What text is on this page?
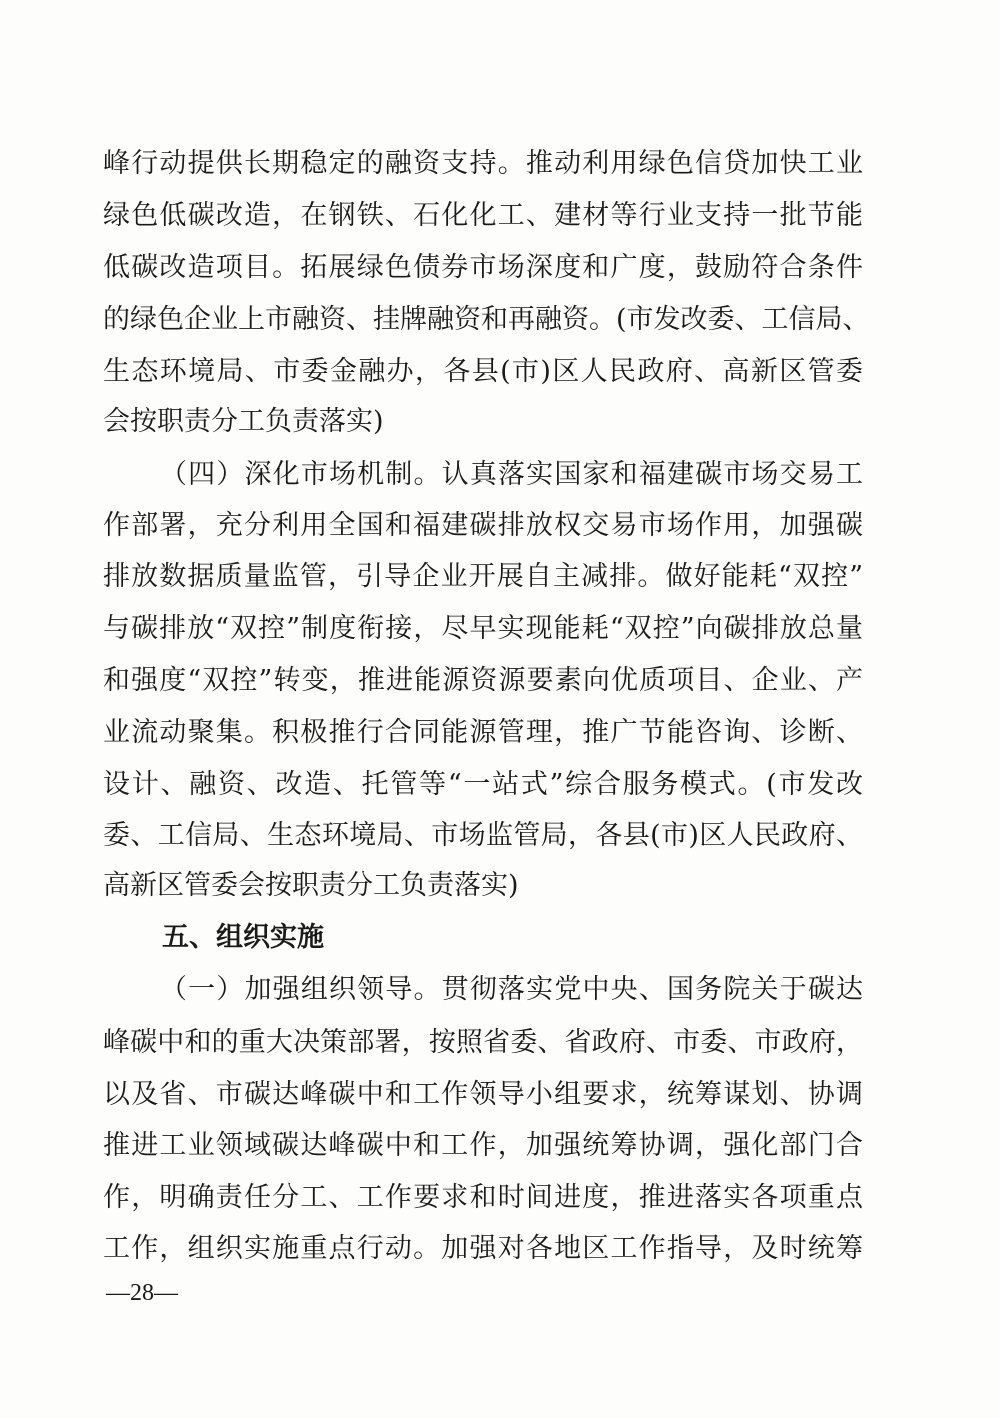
峰行动提供长期稳定的融资支持。推动利用绿色信贷加快工业
绿色低碳改造，在钢铁、石化化工、建材等行业支持一批节能
低碳改造项目。拓展绿色债券市场深度和广度，鼓励符合条件
的绿色企业上市融资、挂牌融资和再融资。(市发改委、工信局、
生态环境局、市委金融办，各县(市)区人民政府、高新区管委
会按职责分工负责落实)
（四）深化市场机制。认真落实国家和福建碳市场交易工
作部署，充分利用全国和福建碳排放权交易市场作用，加强碳
排放数据质量监管，引导企业开展自主减排。做好能耗“双控”
与碳排放“双控”制度衔接，尽早实现能耗“双控”向碳排放总量
和强度“双控”转变，推进能源资源要素向优质项目、企业、产
业流动聚集。积极推行合同能源管理，推广节能咨询、诊断、
设计、融资、改造、托管等“一站式”综合服务模式。(市发改
委、工信局、生态环境局、市场监管局，各县(市)区人民政府、
高新区管委会按职责分工负责落实)
五、组织实施
（一）加强组织领导。贯彻落实党中央、国务院关于碳达
峰碳中和的重大决策部署，按照省委、省政府、市委、市政府，
以及省、市碳达峰碳中和工作领导小组要求，统筹谋划、协调
推进工业领域碳达峰碳中和工作，加强统筹协调，强化部门合
作，明确责任分工、工作要求和时间进度，推进落实各项重点
工作，组织实施重点行动。加强对各地区工作指导，及时统筹
—28—
